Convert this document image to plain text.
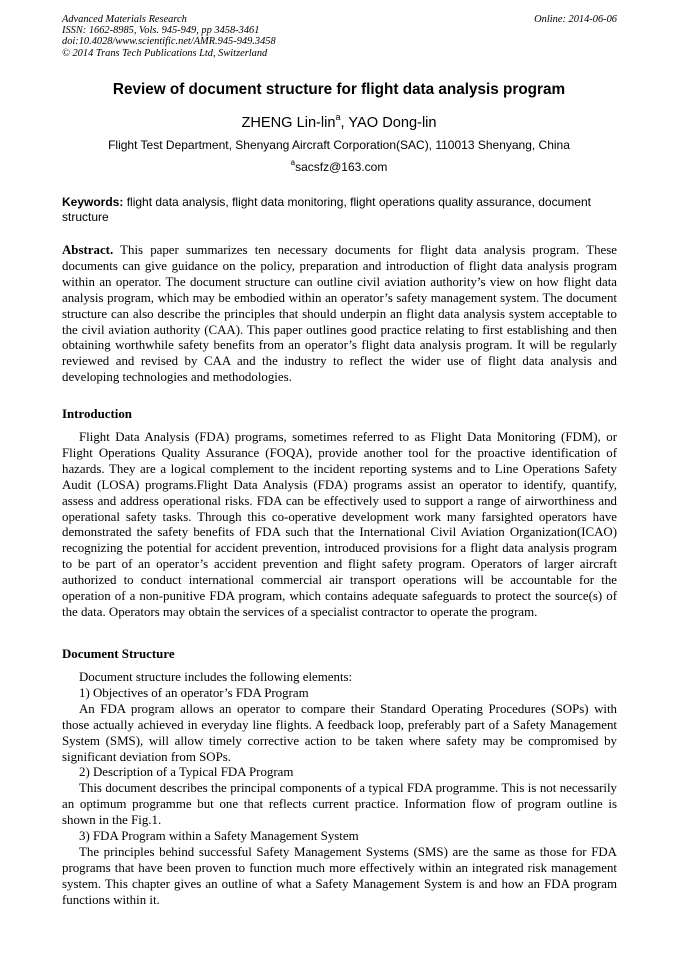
Advanced Materials Research
ISSN: 1662-8985, Vols. 945-949, pp 3458-3461
doi:10.4028/www.scientific.net/AMR.945-949.3458
© 2014 Trans Tech Publications Ltd, Switzerland
Online: 2014-06-06
Review of document structure for flight data analysis program
ZHENG Lin-lin$^a$, YAO Dong-lin
Flight Test Department, Shenyang Aircraft Corporation(SAC), 110013 Shenyang, China
$^a$sacsfz@163.com
Keywords: flight data analysis, flight data monitoring, flight operations quality assurance, document structure

Abstract. This paper summarizes ten necessary documents for flight data analysis program. These documents can give guidance on the policy, preparation and introduction of flight data analysis program within an operator. The document structure can outline civil aviation authority’s view on how flight data analysis program, which may be embodied within an operator’s safety management system. The document structure can also describe the principles that should underpin an flight data analysis system acceptable to the civil aviation authority (CAA). This paper outlines good practice relating to first establishing and then obtaining worthwhile safety benefits from an operator’s flight data analysis program. It will be regularly reviewed and revised by CAA and the industry to reflect the wider use of flight data analysis and developing technologies and methodologies.

Introduction

Flight Data Analysis (FDA) programs, sometimes referred to as Flight Data Monitoring (FDM), or Flight Operations Quality Assurance (FOQA), provide another tool for the proactive identification of hazards. They are a logical complement to the incident reporting systems and to Line Operations Safety Audit (LOSA) programs.Flight Data Analysis (FDA) programs assist an operator to identify, quantify, assess and address operational risks. FDA can be effectively used to support a range of airworthiness and operational safety tasks. Through this co-operative development work many farsighted operators have demonstrated the safety benefits of FDA such that the International Civil Aviation Organization(ICAO) recognizing the potential for accident prevention, introduced provisions for a flight data analysis program to be part of an operator’s accident prevention and flight safety program. Operators of larger aircraft authorized to conduct international commercial air transport operations will be accountable for the operation of a non-punitive FDA program, which contains adequate safeguards to protect the source(s) of the data. Operators may obtain the services of a specialist contractor to operate the program.

Document Structure

Document structure includes the following elements:

1) Objectives of an operator’s FDA Program

An FDA program allows an operator to compare their Standard Operating Procedures (SOPs) with those actually achieved in everyday line flights. A feedback loop, preferably part of a Safety Management System (SMS), will allow timely corrective action to be taken where safety may be compromised by significant deviation from SOPs.

2) Description of a Typical FDA Program

This document describes the principal components of a typical FDA programme. This is not necessarily an optimum programme but one that reflects current practice. Information flow of program outline is shown in the Fig.1.

3) FDA Program within a Safety Management System

The principles behind successful Safety Management Systems (SMS) are the same as those for FDA programs that have been proven to function much more effectively within an integrated risk management system. This chapter gives an outline of what a Safety Management System is and how an FDA program functions within it.
